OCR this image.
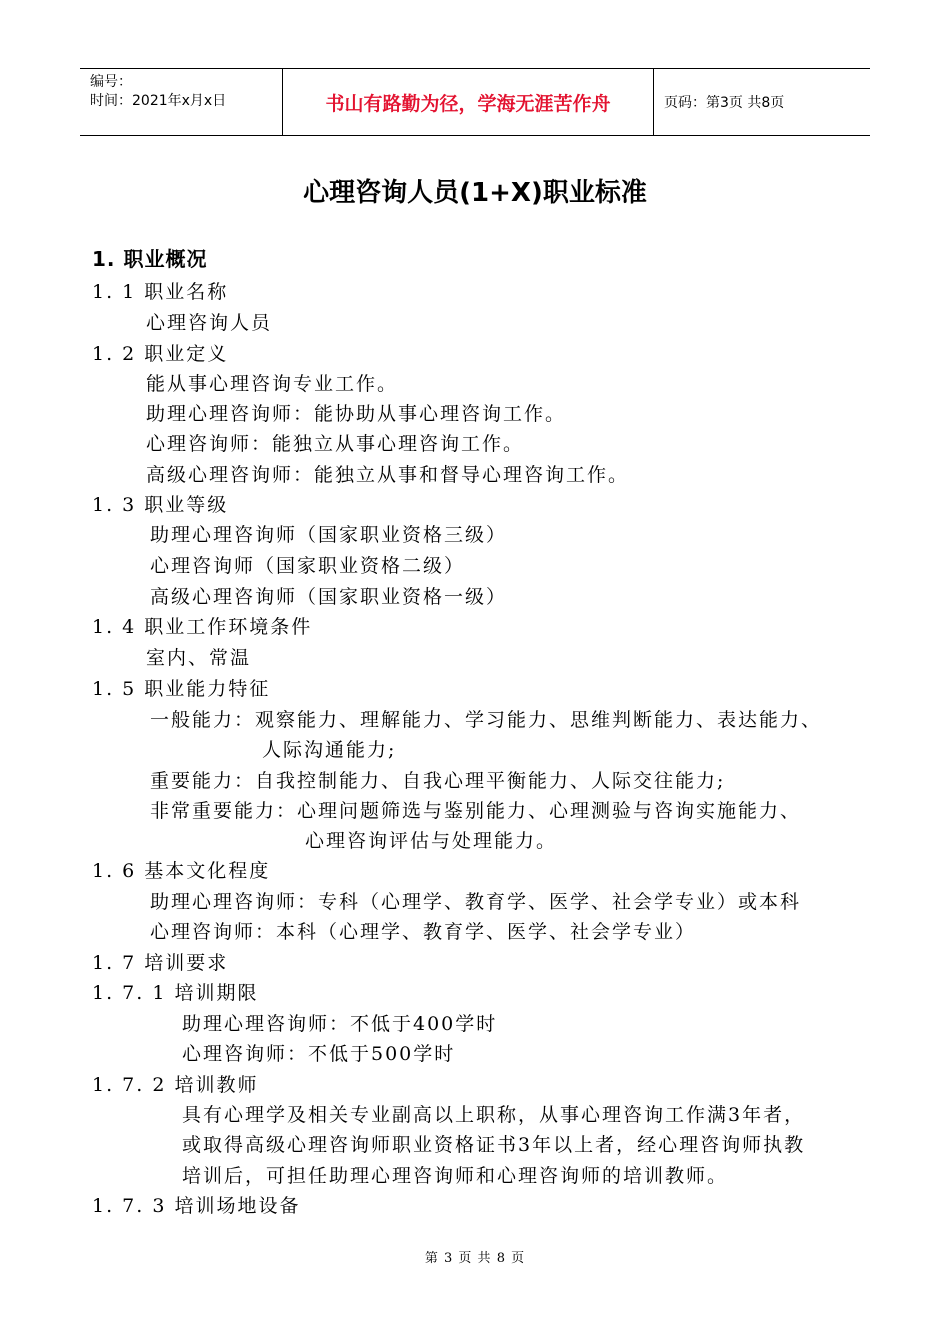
编号：
时间：2021年x月x日	书山有路勤为径，学海无涯苦作舟	页码：第3页 共8页
心理咨询人员(1+X)职业标准
1. 职业概况
1. 1 职业名称
心理咨询人员
1. 2 职业定义
能从事心理咨询专业工作。
助理心理咨询师：能协助从事心理咨询工作。
心理咨询师：能独立从事心理咨询工作。
高级心理咨询师：能独立从事和督导心理咨询工作。
1. 3 职业等级
助理心理咨询师（国家职业资格三级）
心理咨询师（国家职业资格二级）
高级心理咨询师（国家职业资格一级）
1. 4 职业工作环境条件
室内、常温
1. 5 职业能力特征
一般能力：观察能力、理解能力、学习能力、思维判断能力、表达能力、
人际沟通能力;
重要能力：自我控制能力、自我心理平衡能力、人际交往能力;
非常重要能力：心理问题筛选与鉴别能力、心理测验与咨询实施能力、
心理咨询评估与处理能力。
1. 6 基本文化程度
助理心理咨询师：专科（心理学、教育学、医学、社会学专业）或本科
心理咨询师：本科（心理学、教育学、医学、社会学专业）
1. 7 培训要求
1. 7. 1 培训期限
助理心理咨询师：不低于400学时
心理咨询师：不低于500学时
1. 7. 2 培训教师
具有心理学及相关专业副高以上职称，从事心理咨询工作满3年者，
或取得高级心理咨询师职业资格证书3年以上者，经心理咨询师执教
培训后，可担任助理心理咨询师和心理咨询师的培训教师。
1. 7. 3 培训场地设备
第 3 页 共 8 页
